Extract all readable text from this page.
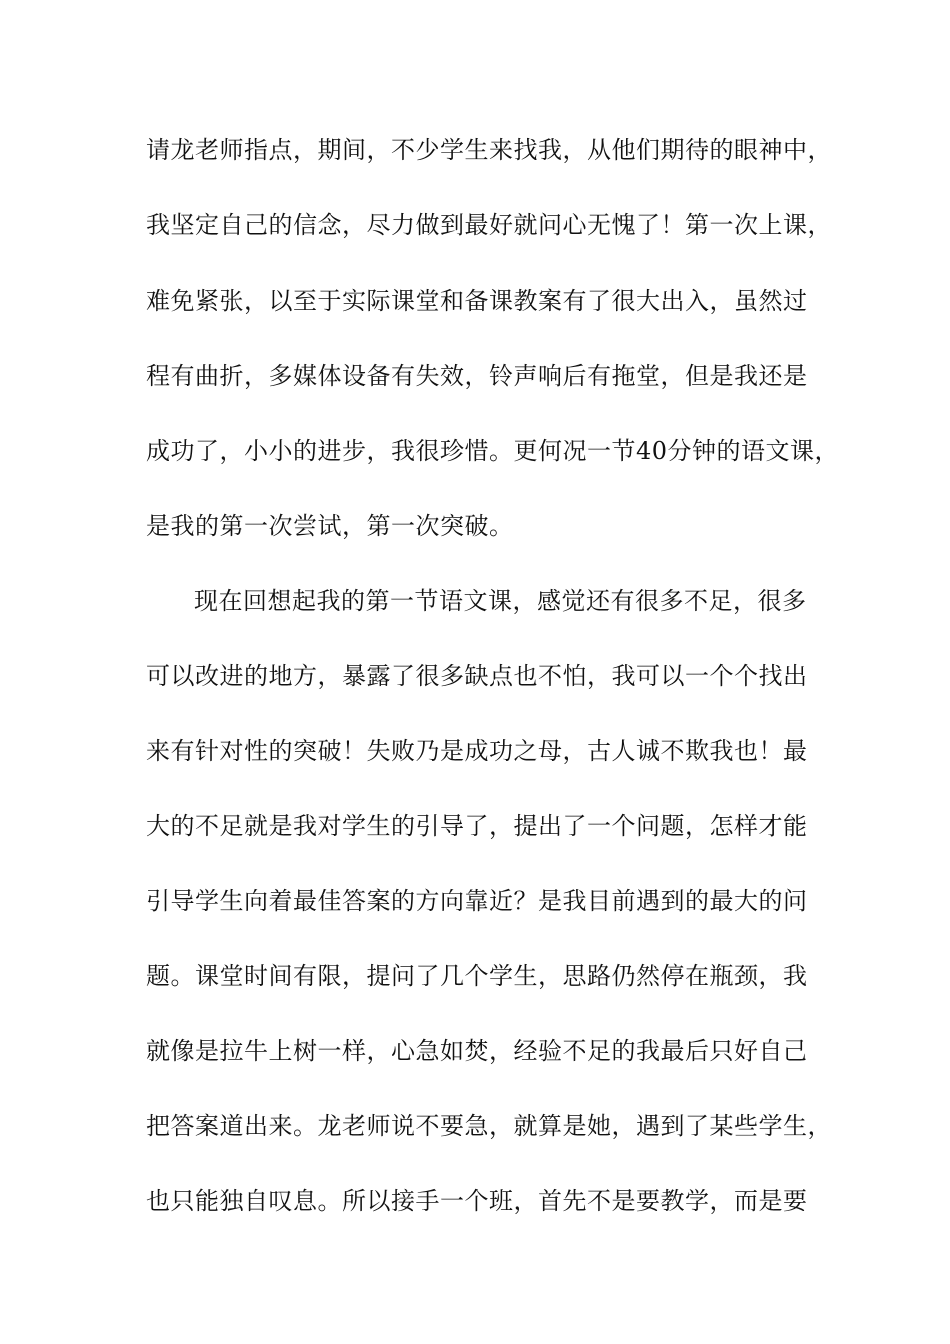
请龙老师指点，期间，不少学生来找我，从他们期待的眼神中，
我坚定自己的信念，尽力做到最好就问心无愧了！第一次上课，
难免紧张，以至于实际课堂和备课教案有了很大出入，虽然过
程有曲折，多媒体设备有失效，铃声响后有拖堂，但是我还是
成功了，小小的进步，我很珍惜。更何况一节40分钟的语文课，
是我的第一次尝试，第一次突破。
现在回想起我的第一节语文课，感觉还有很多不足，很多
可以改进的地方，暴露了很多缺点也不怕，我可以一个个找出
来有针对性的突破！失败乃是成功之母，古人诚不欺我也！最
大的不足就是我对学生的引导了，提出了一个问题，怎样才能
引导学生向着最佳答案的方向靠近？是我目前遇到的最大的问
题。课堂时间有限，提问了几个学生，思路仍然停在瓶颈，我
就像是拉牛上树一样，心急如焚，经验不足的我最后只好自己
把答案道出来。龙老师说不要急，就算是她，遇到了某些学生，
也只能独自叹息。所以接手一个班，首先不是要教学，而是要
